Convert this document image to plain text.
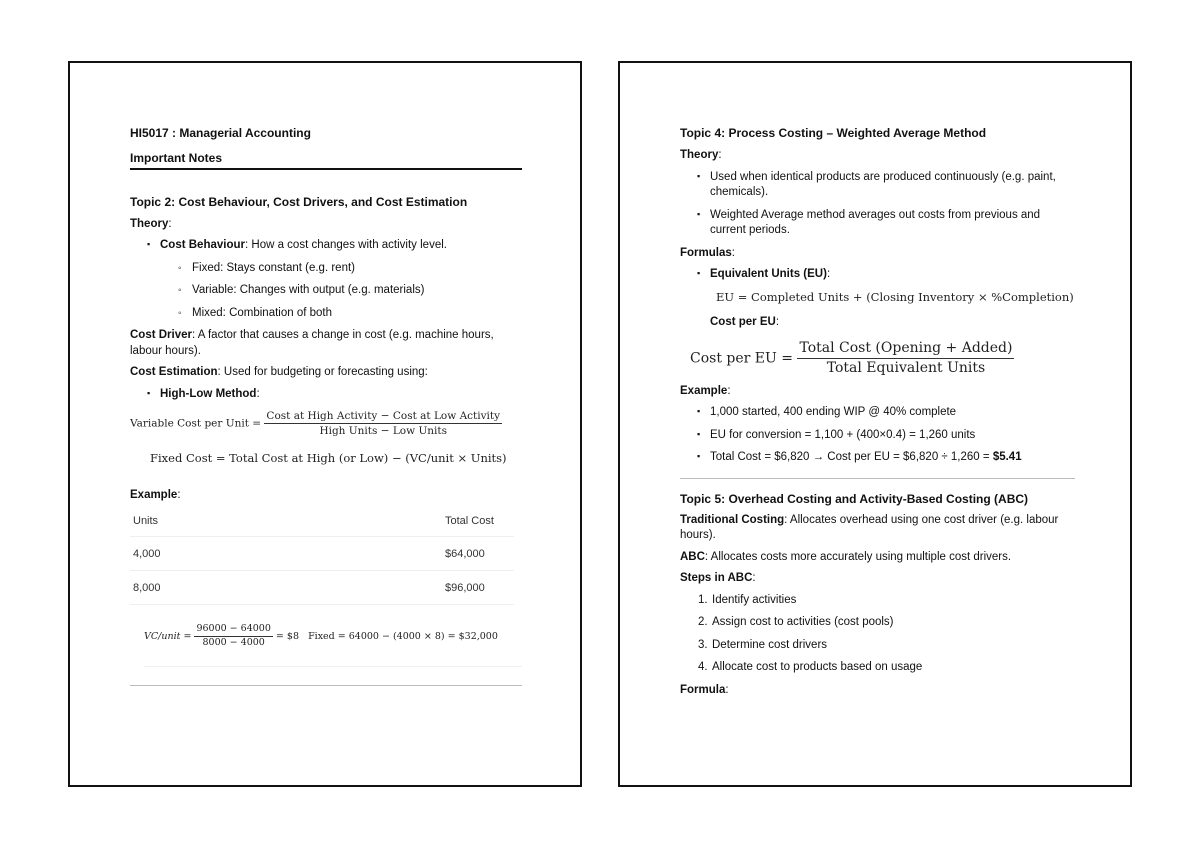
HI5017 : Managerial Accounting
Important Notes
Topic 2: Cost Behaviour, Cost Drivers, and Cost Estimation
Theory:
▪ Cost Behaviour: How a cost changes with activity level.
◦ Fixed: Stays constant (e.g. rent)
◦ Variable: Changes with output (e.g. materials)
◦ Mixed: Combination of both
Cost Driver: A factor that causes a change in cost (e.g. machine hours, labour hours).
Cost Estimation: Used for budgeting or forecasting using:
▪ High-Low Method:
Variable Cost per Unit = $\frac{\text{Cost at High Activity − Cost at Low Activity}}{\text{High Units − Low Units}}$
Fixed Cost = Total Cost at High (or Low) − (VC/unit × Units)
Example:
Units	Total Cost
4,000	$64,000
8,000	$96,000
VC/unit = $\frac{96000 - 64000}{8000 - 4000}$ = $8 Fixed = 64000 − (4000 × 8) = $32,000
Topic 4: Process Costing – Weighted Average Method
Theory:
▪ Used when identical products are produced continuously (e.g. paint, chemicals).
▪ Weighted Average method averages out costs from previous and current periods.
Formulas:
▪ Equivalent Units (EU):
EU = Completed Units + (Closing Inventory × %Completion)
Cost per EU:
Cost per EU = $\frac{\text{Total Cost (Opening + Added)}}{\text{Total Equivalent Units}}$
Example:
▪ 1,000 started, 400 ending WIP @ 40% complete
▪ EU for conversion = 1,100 + (400×0.4) = 1,260 units
▪ Total Cost = $6,820 → Cost per EU = $6,820 ÷ 1,260 = $5.41
Topic 5: Overhead Costing and Activity-Based Costing (ABC)
Traditional Costing: Allocates overhead using one cost driver (e.g. labour hours).
ABC: Allocates costs more accurately using multiple cost drivers.
Steps in ABC:
1. Identify activities
2. Assign cost to activities (cost pools)
3. Determine cost drivers
4. Allocate cost to products based on usage
Formula:
